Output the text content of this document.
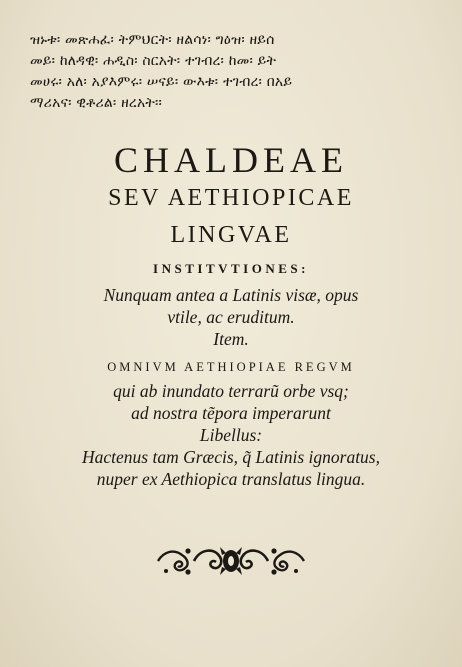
ዝኑቱ፡ መጽሐፈ፡ ትምህርት፡ ዘልሳነ፡ ግዕዝ፡ ዘይሰ
መይ፡ ከለዳዊ፡ ሐዲስ፡ ስርአት፡ ተገብረ፡ ከመ፡ ይት
መሀሩ፡ አለ፡ አያእምሩ፡ ሠናይ፡ ውእቱ፡ ተገብረ፡ በአይ
ማሪአና፡ ዊቶሪል፡ ዘረአት፡፡
CHALDEAE
SEV AETHIOPICAE
LINGVAE
INSTITVTIONES:
Nunquam antea a Latinis visæ, opus
vtile, ac eruditum.
Item.
OMNIVM AETHIOPIAE REGVM
qui ab inundato terrarũ orbe vsq;
ad nostra tẽpora imperarunt
Libellus:
Hactenus tam Græcis, q̃ Latinis ignoratus,
nuper ex Aethiopica translatus lingua.
